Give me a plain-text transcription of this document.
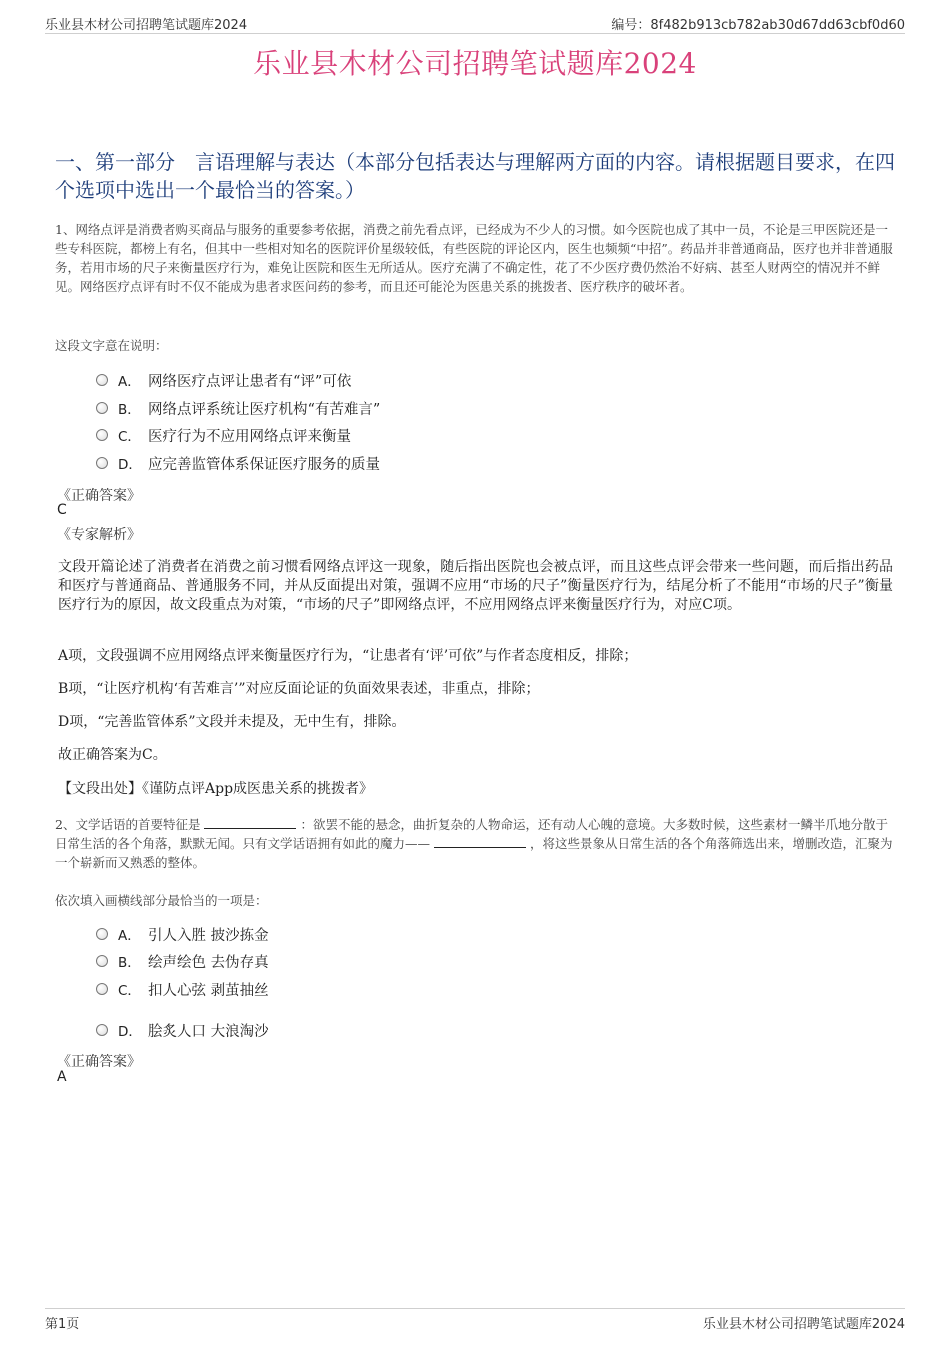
乐业县木材公司招聘笔试题库2024	编号：8f482b913cb782ab30d67dd63cbf0d60
乐业县木材公司招聘笔试题库2024
一、第一部分　言语理解与表达（本部分包括表达与理解两方面的内容。请根据题目要求，在四个选项中选出一个最恰当的答案。）
1、网络点评是消费者购买商品与服务的重要参考依据，消费之前先看点评，已经成为不少人的习惯。如今医院也成了其中一员，不论是三甲医院还是一些专科医院，都榜上有名，但其中一些相对知名的医院评价星级较低，有些医院的评论区内，医生也频频“中招”。药品并非普通商品，医疗也并非普通服务，若用市场的尺子来衡量医疗行为，难免让医院和医生无所适从。医疗充满了不确定性，花了不少医疗费仍然治不好病、甚至人财两空的情况并不鲜见。网络医疗点评有时不仅不能成为患者求医问药的参考，而且还可能沦为医患关系的挑拨者、医疗秩序的破坏者。
这段文字意在说明：
A． 网络医疗点评让患者有“评”可依
B． 网络点评系统让医疗机构“有苦难言”
C． 医疗行为不应用网络点评来衡量
D． 应完善监管体系保证医疗服务的质量
《正确答案》
C
《专家解析》
文段开篇论述了消费者在消费之前习惯看网络点评这一现象，随后指出医院也会被点评，而且这些点评会带来一些问题，而后指出药品和医疗与普通商品、普通服务不同，并从反面提出对策，强调不应用“市场的尺子”衡量医疗行为，结尾分析了不能用“市场的尺子”衡量医疗行为的原因，故文段重点为对策，“市场的尺子”即网络点评，不应用网络点评来衡量医疗行为，对应C项。
A项，文段强调不应用网络点评来衡量医疗行为，“让患者有‘评’可依”与作者态度相反，排除；
B项，“让医疗机构‘有苦难言’”对应反面论证的负面效果表述，非重点，排除；
D项，“完善监管体系”文段并未提及，无中生有，排除。
故正确答案为C。
【文段出处】《谨防点评App成医患关系的挑拨者》
2、文学话语的首要特征是	：欲罢不能的悬念，曲折复杂的人物命运，还有动人心魄的意境。大多数时候，这些素材一鳞半爪地分散于日常生活的各个角落，默默无闻。只有文学话语拥有如此的魔力——	，将这些景象从日常生活的各个角落筛选出来，增删改造，汇聚为一个崭新而又熟悉的整体。
依次填入画横线部分最恰当的一项是：
A． 引人入胜 披沙拣金
B． 绘声绘色 去伪存真
C． 扣人心弦 剥茧抽丝
D． 脍炙人口 大浪淘沙
《正确答案》
A
第1页	乐业县木材公司招聘笔试题库2024
